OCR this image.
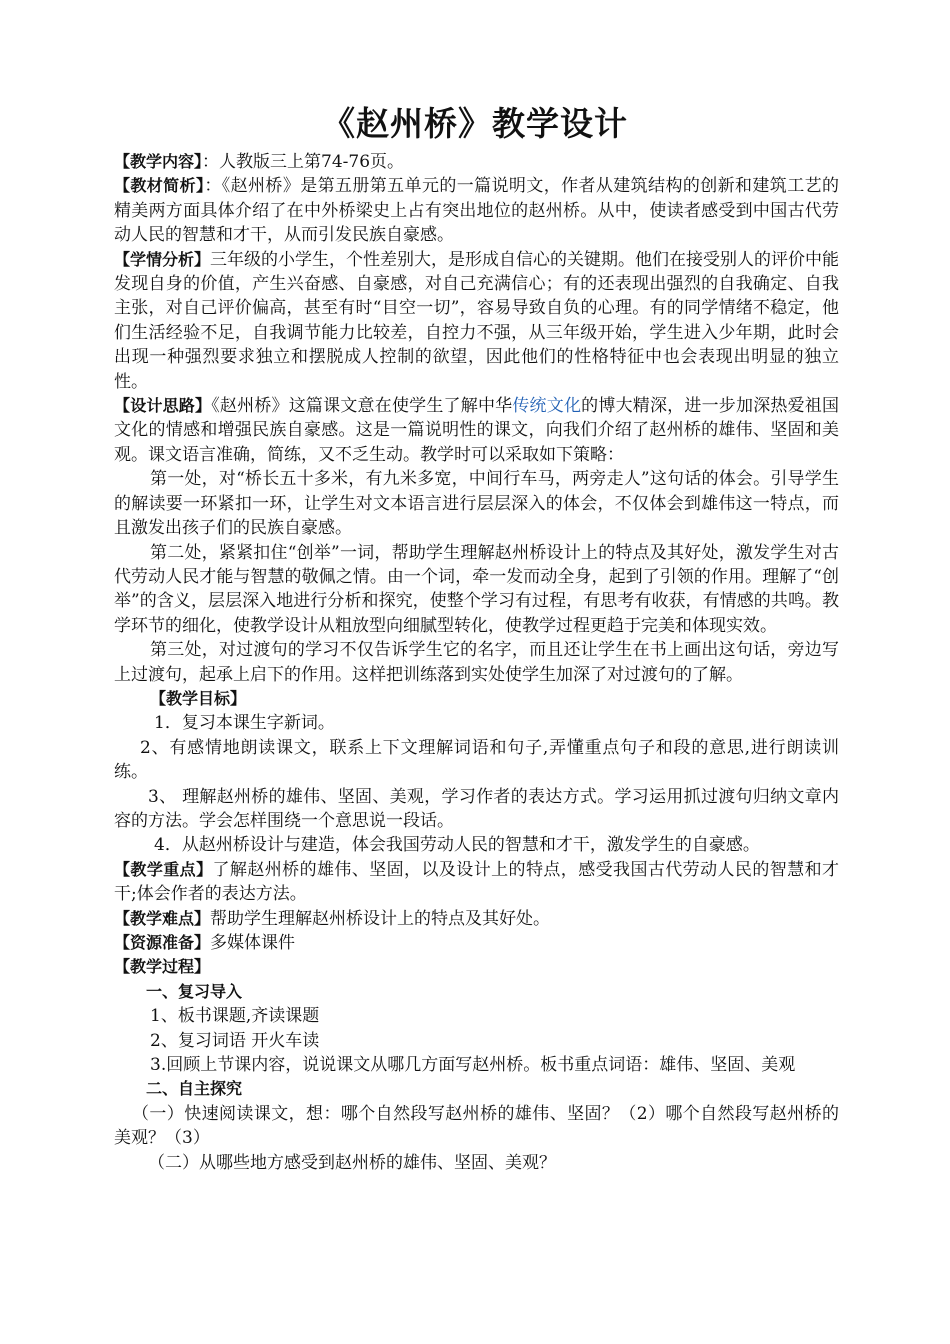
《赵州桥》教学设计

【教学内容】：人教版三上第74-76页。

【教材简析】：《赵州桥》是第五册第五单元的一篇说明文，作者从建筑结构的创新和建筑工艺的精美两方面具体介绍了在中外桥梁史上占有突出地位的赵州桥。从中，使读者感受到中国古代劳动人民的智慧和才干，从而引发民族自豪感。

【学情分析】三年级的小学生，个性差别大，是形成自信心的关键期。他们在接受别人的评价中能发现自身的价值，产生兴奋感、自豪感，对自己充满信心；有的还表现出强烈的自我确定、自我主张，对自己评价偏高，甚至有时“目空一切”，容易导致自负的心理。有的同学情绪不稳定，他们生活经验不足，自我调节能力比较差，自控力不强，从三年级开始，学生进入少年期，此时会出现一种强烈要求独立和摆脱成人控制的欲望，因此他们的性格特征中也会表现出明显的独立性。

【设计思路】《赵州桥》这篇课文意在使学生了解中华传统文化的博大精深，进一步加深热爱祖国文化的情感和增强民族自豪感。这是一篇说明性的课文，向我们介绍了赵州桥的雄伟、坚固和美观。课文语言准确，简练，又不乏生动。教学时可以采取如下策略：

第一处，对“桥长五十多米，有九米多宽，中间行车马，两旁走人”这句话的体会。引导学生的解读要一环紧扣一环，让学生对文本语言进行层层深入的体会，不仅体会到雄伟这一特点，而且激发出孩子们的民族自豪感。

第二处，紧紧扣住“创举”一词，帮助学生理解赵州桥设计上的特点及其好处，激发学生对古代劳动人民才能与智慧的敬佩之情。由一个词，牵一发而动全身，起到了引领的作用。理解了“创举”的含义，层层深入地进行分析和探究，使整个学习有过程，有思考有收获，有情感的共鸣。教学环节的细化，使教学设计从粗放型向细腻型转化，使教学过程更趋于完美和体现实效。

第三处，对过渡句的学习不仅告诉学生它的名字，而且还让学生在书上画出这句话，旁边写上过渡句，起承上启下的作用。这样把训练落到实处使学生加深了对过渡句的了解。

【教学目标】

1．复习本课生字新词。

2、有感情地朗读课文，联系上下文理解词语和句子,弄懂重点句子和段的意思,进行朗读训练。

3、 理解赵州桥的雄伟、坚固、美观，学习作者的表达方式。学习运用抓过渡句归纳文章内容的方法。学会怎样围绕一个意思说一段话。

4．从赵州桥设计与建造，体会我国劳动人民的智慧和才干，激发学生的自豪感。

【教学重点】了解赵州桥的雄伟、坚固，以及设计上的特点，感受我国古代劳动人民的智慧和才干;体会作者的表达方法。

【教学难点】帮助学生理解赵州桥设计上的特点及其好处。

【资源准备】多媒体课件

【教学过程】

一、复习导入

1、板书课题,齐读课题

2、复习词语 开火车读

3.回顾上节课内容，说说课文从哪几方面写赵州桥。板书重点词语：雄伟、坚固、美观

二、自主探究

（一）快速阅读课文，想：哪个自然段写赵州桥的雄伟、坚固？（2）哪个自然段写赵州桥的美观？（3）

（二）从哪些地方感受到赵州桥的雄伟、坚固、美观？
